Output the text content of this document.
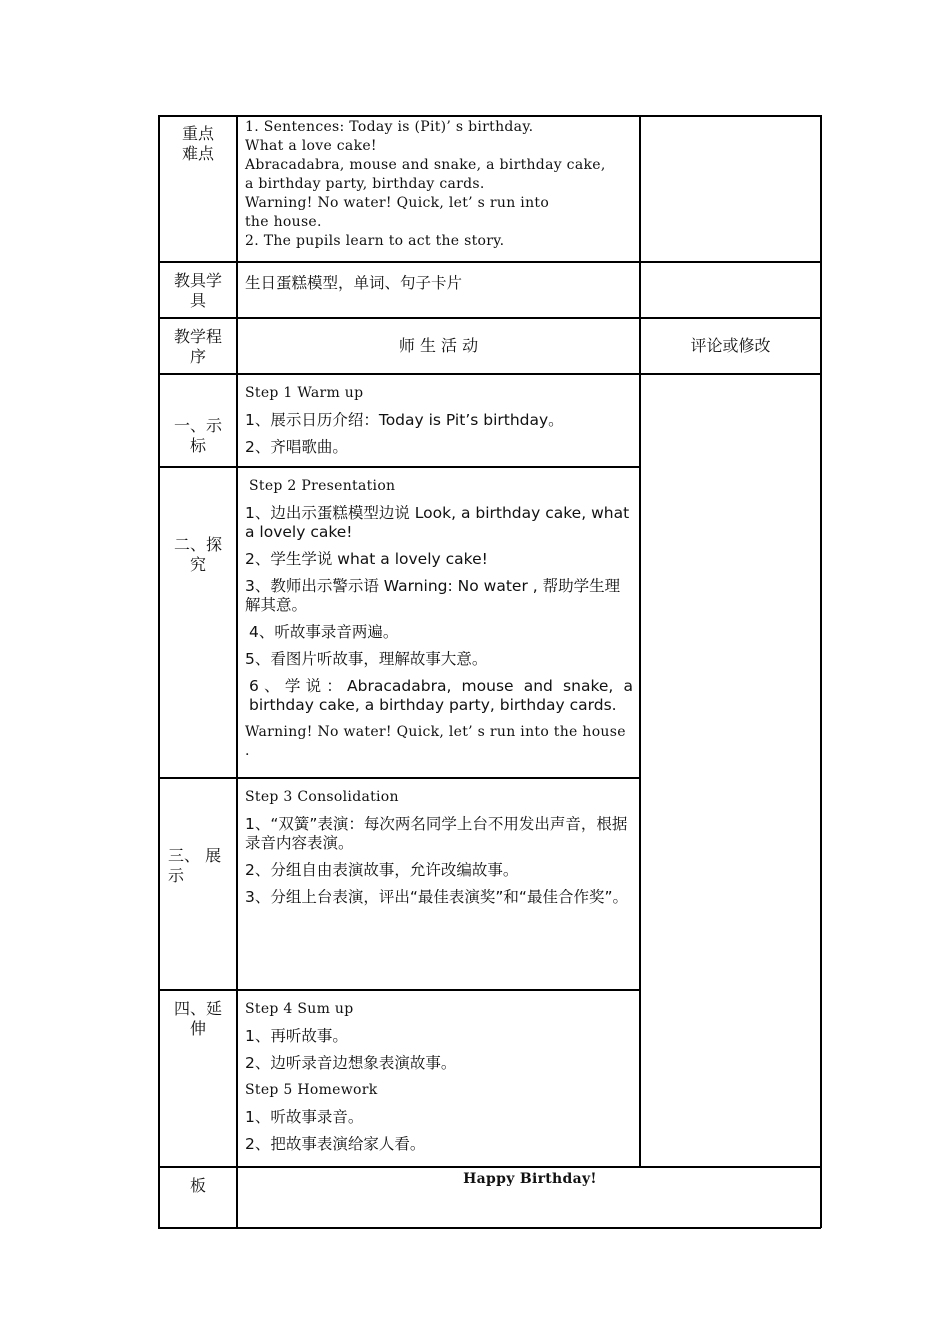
重点
难点

1. Sentences: Today is (Pit)’ s birthday.

What a love cake!

Abracadabra, mouse and snake, a birthday cake,

a birthday party, birthday cards.

Warning! No water! Quick, let’ s run into

the house.

2. The pupils learn to act the story.

教具学
具
生日蛋糕模型，单词、句子卡片
教学程
序
师 生 活 动	评论或修改
一、示
标

Step 1 Warm up

1、展示日历介绍：Today is Pit’s birthday。

2、齐唱歌曲。

二、探
究

Step 2 Presentation

1、边出示蛋糕模型边说 Look, a birthday cake, what a lovely cake!

2、学生学说 what a lovely cake!

3、教师出示警示语 Warning: No water , 帮助学生理解其意。

4、听故事录音两遍。

5、看图片听故事，理解故事大意。

6、学说：Abracadabra, mouse and snake, a birthday cake, a birthday party, birthday cards.

Warning! No water! Quick, let’ s run into the house .

三、 展
示

Step 3 Consolidation

1、“双簧”表演：每次两名同学上台不用发出声音，根据录音内容表演。

2、分组自由表演故事，允许改编故事。

3、分组上台表演，评出“最佳表演奖”和“最佳合作奖”。

四、延
伸

Step 4 Sum up

1、再听故事。

2、边听录音边想象表演故事。

Step 5 Homework

1、听故事录音。

2、把故事表演给家人看。

板	Happy Birthday!
